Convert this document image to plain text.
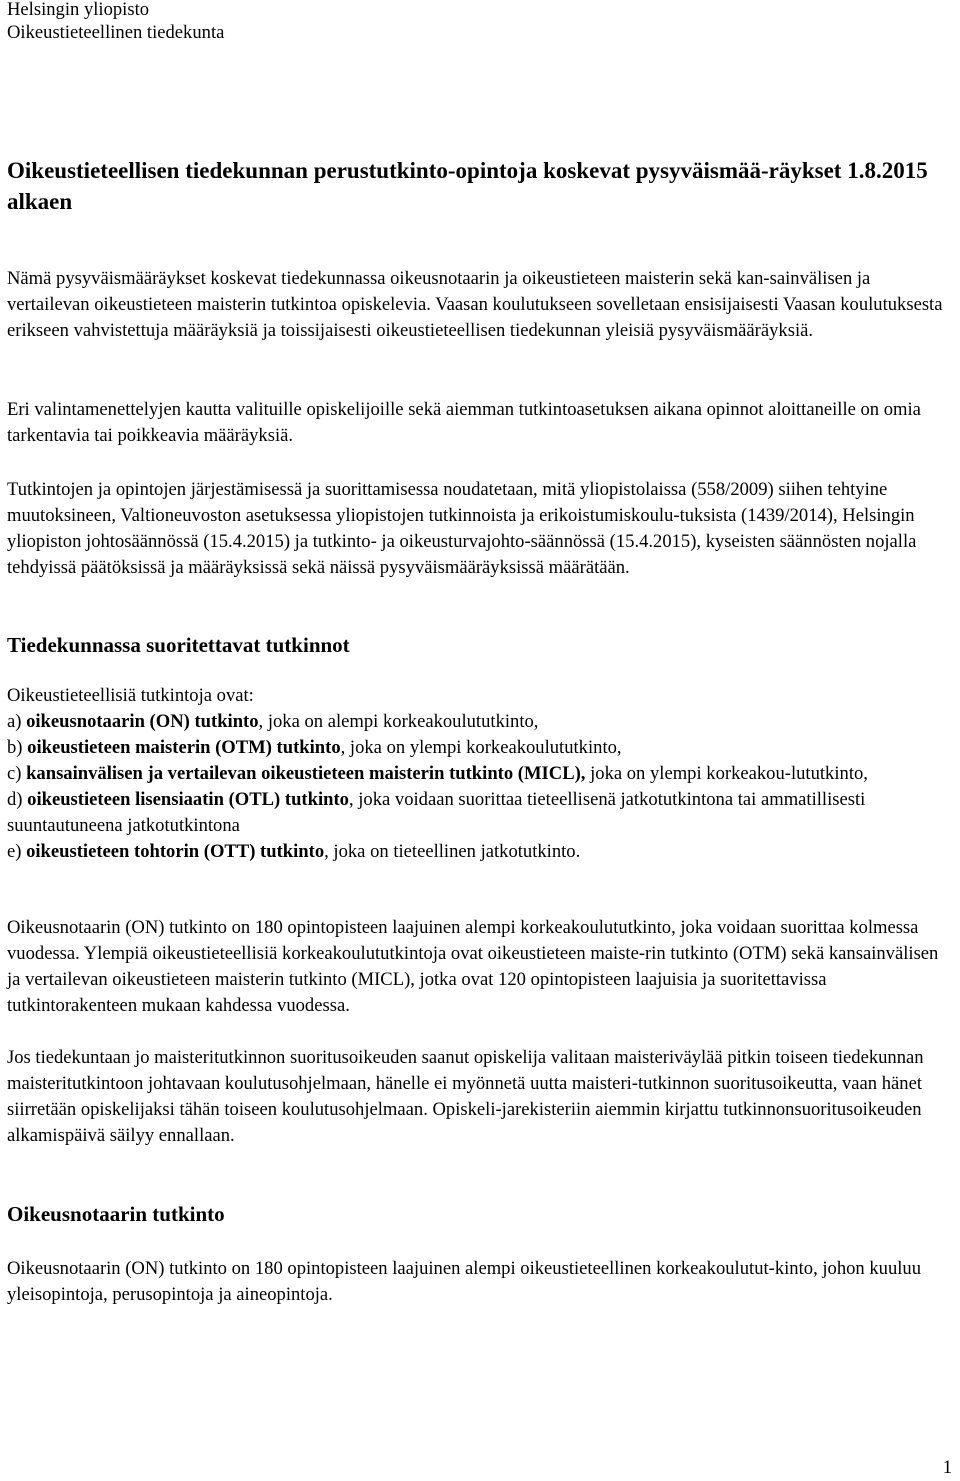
Helsingin yliopisto
Oikeustieteellinen tiedekunta
Oikeustieteellisen tiedekunnan perustutkinto-opintoja koskevat pysyväismää-räykset 1.8.2015 alkaen

Nämä pysyväismääräykset koskevat tiedekunnassa oikeusnotaarin ja oikeustieteen maisterin sekä kan-sainvälisen ja vertailevan oikeustieteen maisterin tutkintoa opiskelevia. Vaasan koulutukseen sovelletaan ensisijaisesti Vaasan koulutuksesta erikseen vahvistettuja määräyksiä ja toissijaisesti oikeustieteellisen tiedekunnan yleisiä pysyväismääräyksiä.

Eri valintamenettelyjen kautta valituille opiskelijoille sekä aiemman tutkintoasetuksen aikana opinnot aloittaneille on omia tarkentavia tai poikkeavia määräyksiä.

Tutkintojen ja opintojen järjestämisessä ja suorittamisessa noudatetaan, mitä yliopistolaissa (558/2009) siihen tehtyine muutoksineen, Valtioneuvoston asetuksessa yliopistojen tutkinnoista ja erikoistumiskoulu-tuksista (1439/2014), Helsingin yliopiston johtosäännössä (15.4.2015) ja tutkinto- ja oikeusturvajohto-säännössä (15.4.2015), kyseisten säännösten nojalla tehdyissä päätöksissä ja määräyksissä sekä näissä pysyväismääräyksissä määrätään.

Tiedekunnassa suoritettavat tutkinnot
Oikeustieteellisiä tutkintoja ovat:
a) oikeusnotaarin (ON) tutkinto, joka on alempi korkeakoulututkinto,
b) oikeustieteen maisterin (OTM) tutkinto, joka on ylempi korkeakoulututkinto,
c) kansainvälisen ja vertailevan oikeustieteen maisterin tutkinto (MICL), joka on ylempi korkeakou-lututkinto,
d) oikeustieteen lisensiaatin (OTL) tutkinto, joka voidaan suorittaa tieteellisenä jatkotutkintona tai ammatillisesti suuntautuneena jatkotutkintona
e) oikeustieteen tohtorin (OTT) tutkinto, joka on tieteellinen jatkotutkinto.

Oikeusnotaarin (ON) tutkinto on 180 opintopisteen laajuinen alempi korkeakoulututkinto, joka voidaan suorittaa kolmessa vuodessa. Ylempiä oikeustieteellisiä korkeakoulututkintoja ovat oikeustieteen maiste-rin tutkinto (OTM) sekä kansainvälisen ja vertailevan oikeustieteen maisterin tutkinto (MICL), jotka ovat 120 opintopisteen laajuisia ja suoritettavissa tutkintorakenteen mukaan kahdessa vuodessa.

Jos tiedekuntaan jo maisteritutkinnon suoritusoikeuden saanut opiskelija valitaan maisteriväylää pitkin toiseen tiedekunnan maisteritutkintoon johtavaan koulutusohjelmaan, hänelle ei myönnetä uutta maisteri-tutkinnon suoritusoikeutta, vaan hänet siirretään opiskelijaksi tähän toiseen koulutusohjelmaan. Opiskeli-jarekisteriin aiemmin kirjattu tutkinnonsuoritusoikeuden alkamispäivä säilyy ennallaan.

Oikeusnotaarin tutkinto

Oikeusnotaarin (ON) tutkinto on 180 opintopisteen laajuinen alempi oikeustieteellinen korkeakoulutut-kinto, johon kuuluu yleisopintoja, perusopintoja ja aineopintoja.

1
